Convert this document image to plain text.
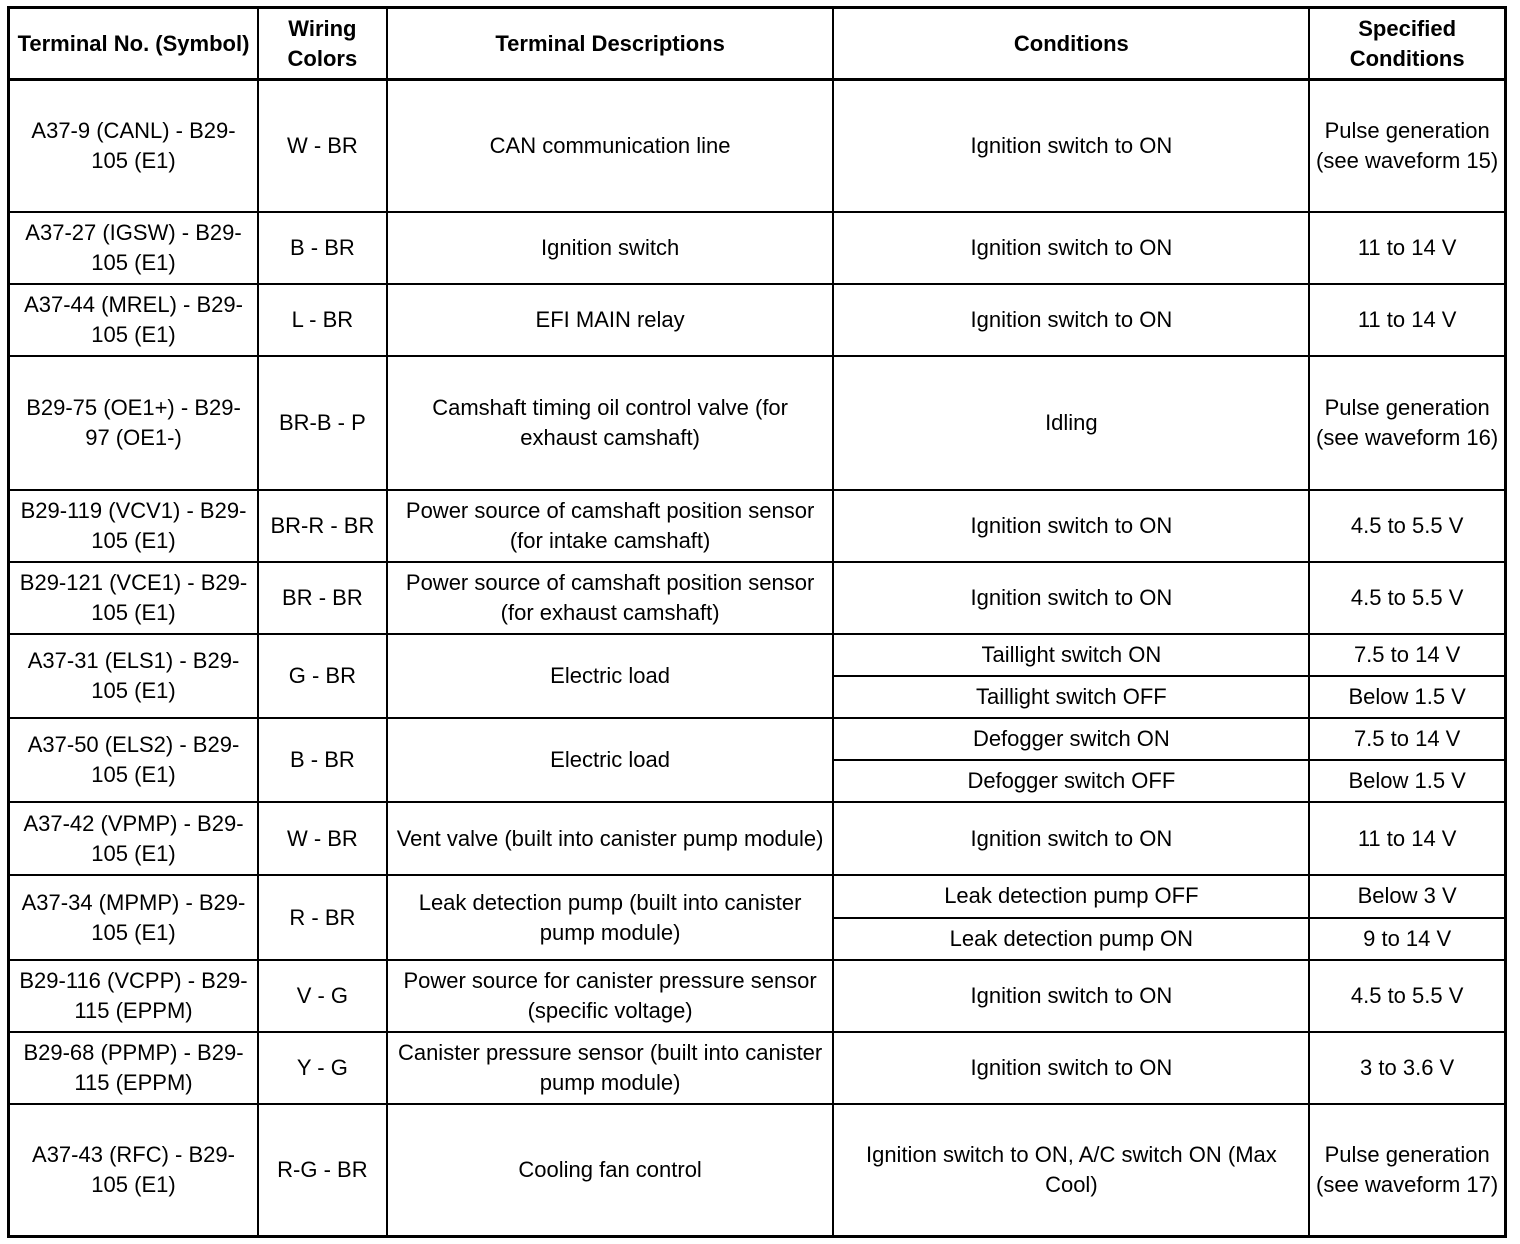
Terminal No. (Symbol)	Wiring Colors	Terminal Descriptions	Conditions	Specified Conditions
A37-9 (CANL) - B29-105 (E1)	W - BR	CAN communication line	Ignition switch to ON	Pulse generation (see waveform 15)
A37-27 (IGSW) - B29-105 (E1)	B - BR	Ignition switch	Ignition switch to ON	11 to 14 V
A37-44 (MREL) - B29-105 (E1)	L - BR	EFI MAIN relay	Ignition switch to ON	11 to 14 V
B29-75 (OE1+) - B29-97 (OE1-)	BR-B - P	Camshaft timing oil control valve (for exhaust camshaft)	Idling	Pulse generation (see waveform 16)
B29-119 (VCV1) - B29-105 (E1)	BR-R - BR	Power source of camshaft position sensor (for intake camshaft)	Ignition switch to ON	4.5 to 5.5 V
B29-121 (VCE1) - B29-105 (E1)	BR - BR	Power source of camshaft position sensor (for exhaust camshaft)	Ignition switch to ON	4.5 to 5.5 V
A37-31 (ELS1) - B29-105 (E1)	G - BR	Electric load	Taillight switch ON	7.5 to 14 V
			Taillight switch OFF	Below 1.5 V
A37-50 (ELS2) - B29-105 (E1)	B - BR	Electric load	Defogger switch ON	7.5 to 14 V
			Defogger switch OFF	Below 1.5 V
A37-42 (VPMP) - B29-105 (E1)	W - BR	Vent valve (built into canister pump module)	Ignition switch to ON	11 to 14 V
A37-34 (MPMP) - B29-105 (E1)	R - BR	Leak detection pump (built into canister pump module)	Leak detection pump OFF	Below 3 V
			Leak detection pump ON	9 to 14 V
B29-116 (VCPP) - B29-115 (EPPM)	V - G	Power source for canister pressure sensor (specific voltage)	Ignition switch to ON	4.5 to 5.5 V
B29-68 (PPMP) - B29-115 (EPPM)	Y - G	Canister pressure sensor (built into canister pump module)	Ignition switch to ON	3 to 3.6 V
A37-43 (RFC) - B29-105 (E1)	R-G - BR	Cooling fan control	Ignition switch to ON, A/C switch ON (Max Cool)	Pulse generation (see waveform 17)
